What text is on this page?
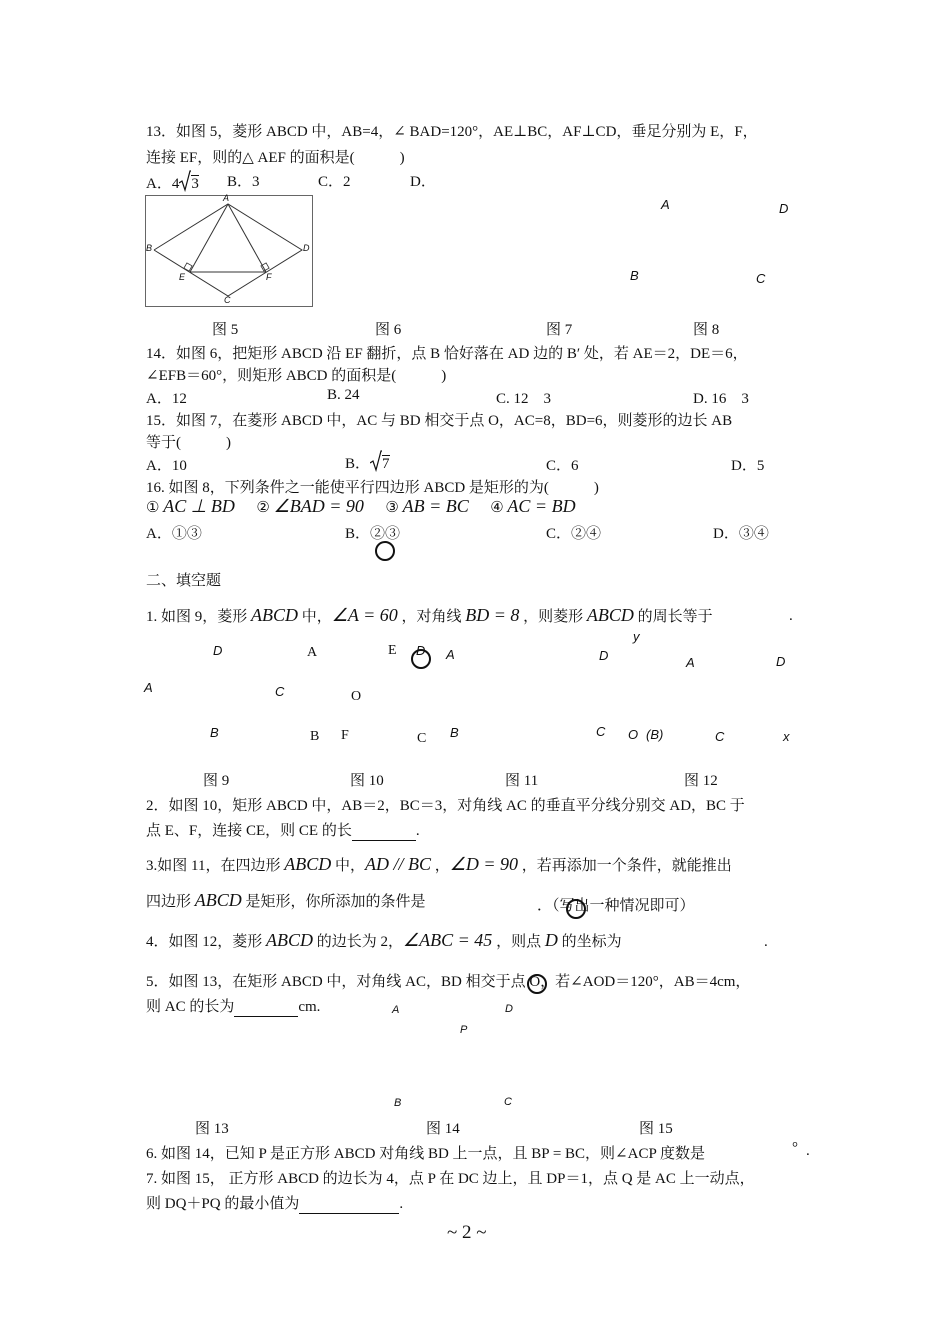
13．如图 5，菱形 ABCD 中，AB=4，∠ BAD=120°，AE⊥BC，AF⊥CD，垂足分别为 E，F，
连接 EF，则的△ AEF 的面积是(　　　)
A．4 3 B．3	C．2	D．
A
B	D
E	F
C
A	D
B	C
图 5	图 6	图 7	图 8
14．如图 6，把矩形 ABCD 沿 EF 翻折，点 B 恰好落在 AD 边的 B′ 处，若 AE＝2，DE＝6，
∠EFB＝60°，则矩形 ABCD 的面积是(　　　)
A．12	B. 24	C. 12　3	D. 16　3
15．如图 7，在菱形 ABCD 中，AC 与 BD 相交于点 O，AC=8，BD=6，则菱形的边长 AB
等于(　　　)
A．10	B． 7	C．6	D．5
16. 如图 8，下列条件之一能使平行四边形 ABCD 是矩形的为(　　　)
① AC ⊥ BD ② ∠BAD = 90 ③ AB = BC ④ AC = BD
A．①③	B．②③	C．②④	D．③④
二、填空题
1. 如图 9，菱形 ABCD 中，∠A = 60 ，对角线 BD = 8 ，则菱形 ABCD 的周长等于	.
D	A	E D A	D
y
A	D
A	C	O
B	B F	C B	C O (B)	C	x
图 9	图 10	图 11	图 12
2．如图 10，矩形 ABCD 中，AB＝2，BC＝3，对角线 AC 的垂直平分线分别交 AD，BC 于
点 E、F，连接 CE，则 CE 的长	.
3.如图 11，在四边形 ABCD 中，AD // BC ，∠D = 90 ，若再添加一个条件，就能推出
四边形 ABCD 是矩形，你所添加的条件是	．（写出一种情况即可）
4．如图 12，菱形 ABCD 的边长为 2，∠ABC = 45 ，则点 D 的坐标为	.
5．如图 13，在矩形 ABCD 中，对角线 AC，BD 相交于点 O，若∠AOD＝120°，AB＝4cm，
则 AC 的长为	cm.	A	D
P
B	C
图 13	图 14	图 15
6. 如图 14，已知 P 是正方形 ABCD 对角线 BD 上一点，且 BP = BC，则∠ACP 度数是	° .
7. 如图 15， 正方形 ABCD 的边长为 4，点 P 在 DC 边上，且 DP＝1，点 Q 是 AC 上一动点，
则 DQ＋PQ 的最小值为	.
~ 2 ~
